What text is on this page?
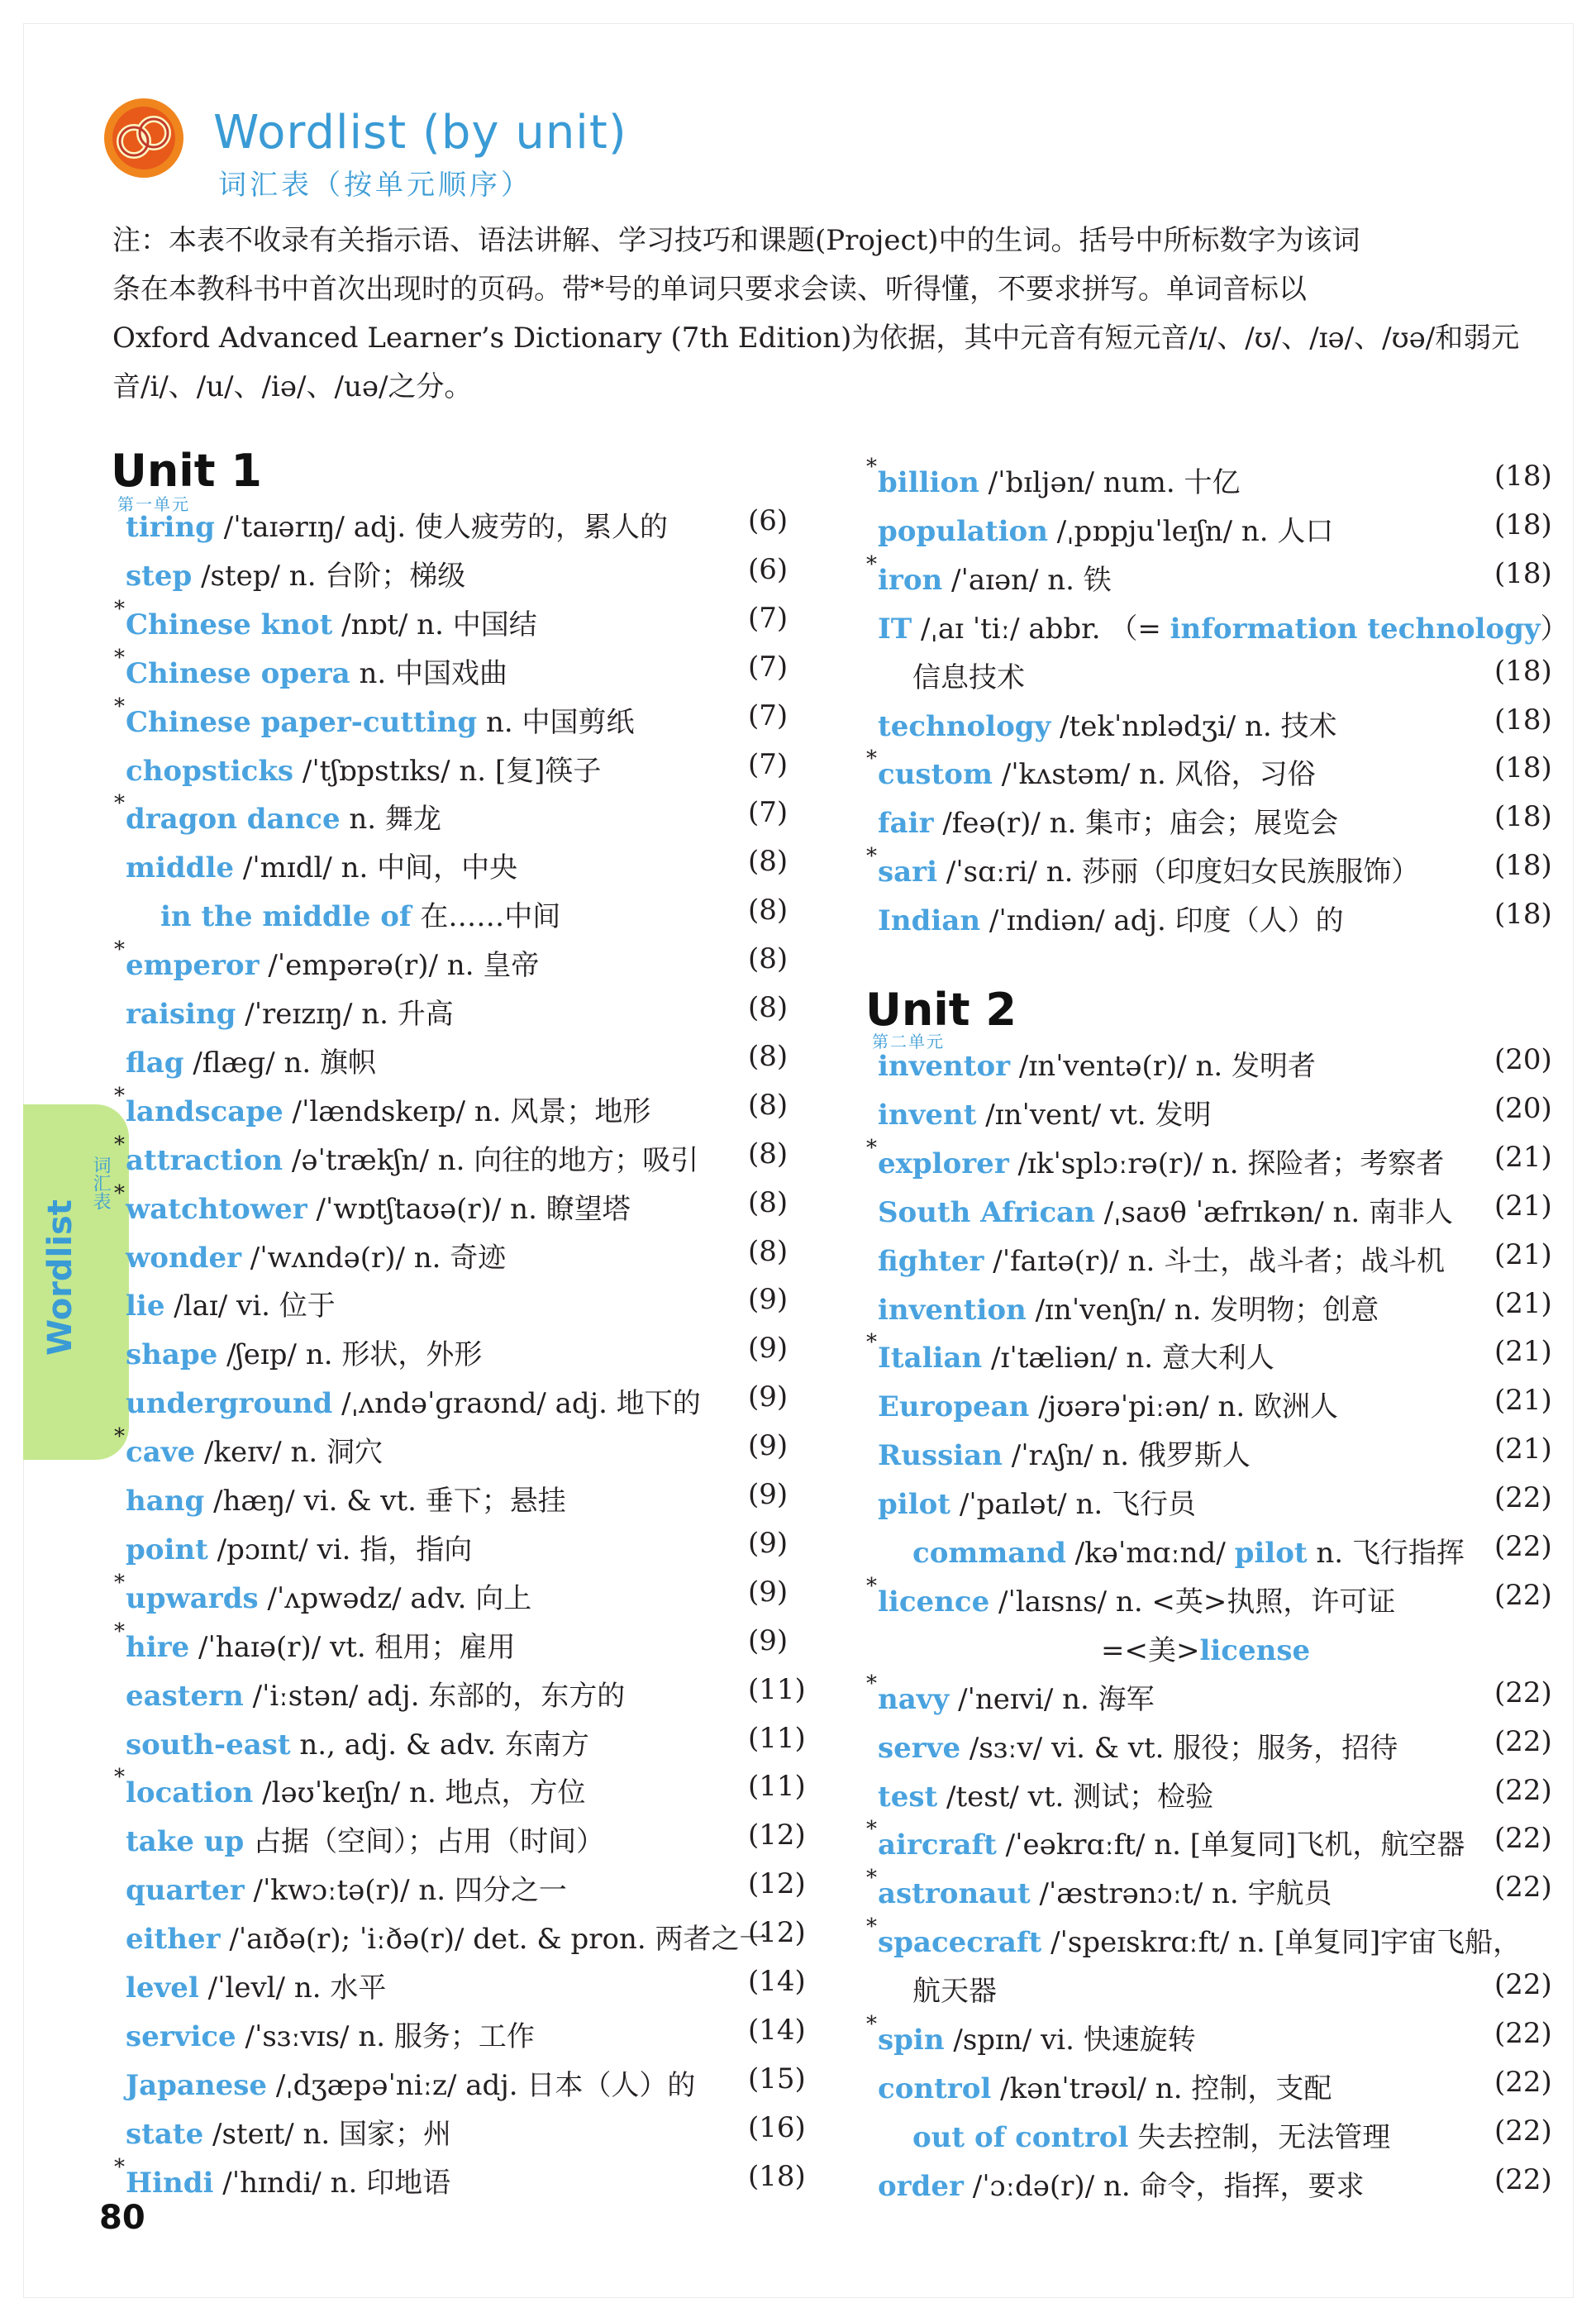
Wordlist (by unit)
词汇表（按单元顺序）
注：本表不收录有关指示语、语法讲解、学习技巧和课题(Project)中的生词。括号中所标数字为该词
条在本教科书中首次出现时的页码。带*号的单词只要求会读、听得懂，不要求拼写。单词音标以
Oxford Advanced Learner’s Dictionary (7th Edition)为依据，其中元音有短元音/ɪ/、/ʊ/、/ɪə/、/ʊə/和弱元
音/i/、/u/、/iə/、/uə/之分。
Wordlist
词汇表
Unit 1
第一单元
tiring /ˈtaɪərɪŋ/ adj. 使人疲劳的，累人的	(6)
step /step/ n. 台阶；梯级	(6)
* Chinese knot /nɒt/ n. 中国结	(7)
* Chinese opera n. 中国戏曲	(7)
* Chinese paper-cutting n. 中国剪纸	(7)
chopsticks /ˈtʃɒpstɪks/ n. [复]筷子	(7)
* dragon dance n. 舞龙	(7)
middle /ˈmɪdl/ n. 中间，中央	(8)
in the middle of 在……中间	(8)
* emperor /ˈempərə(r)/ n. 皇帝	(8)
raising /ˈreɪzɪŋ/ n. 升高	(8)
flag /flæɡ/ n. 旗帜	(8)
* landscape /ˈlændskeɪp/ n. 风景；地形	(8)
* attraction /əˈtrækʃn/ n. 向往的地方；吸引 (8)
* watchtower /ˈwɒtʃtaʊə(r)/ n. 瞭望塔	(8)
wonder /ˈwʌndə(r)/ n. 奇迹	(8)
lie /laɪ/ vi. 位于	(9)
shape /ʃeɪp/ n. 形状，外形	(9)
underground /ˌʌndəˈɡraʊnd/ adj. 地下的 (9)
* cave /keɪv/ n. 洞穴	(9)
hang /hæŋ/ vi. & vt. 垂下；悬挂	(9)
point /pɔɪnt/ vi. 指，指向	(9)
* upwards /ˈʌpwədz/ adv. 向上	(9)
* hire /ˈhaɪə(r)/ vt. 租用；雇用	(9)
eastern /ˈiːstən/ adj. 东部的，东方的	(11)
south-east n., adj. & adv. 东南方	(11)
* location /ləʊˈkeɪʃn/ n. 地点，方位	(11)
take up 占据（空间）；占用（时间）	(12)
quarter /ˈkwɔːtə(r)/ n. 四分之一	(12)
either /ˈaɪðə(r); ˈiːðə(r)/ det. & pron. 两者之一
(12)
level /ˈlevl/ n. 水平	(14)
service /ˈsɜːvɪs/ n. 服务；工作	(14)
Japanese /ˌdʒæpəˈniːz/ adj. 日本（人）的 (15)
state /steɪt/ n. 国家；州	(16)
* Hindi /ˈhɪndi/ n. 印地语	(18)
* billion /ˈbɪljən/ num. 十亿	(18)
population /ˌpɒpjuˈleɪʃn/ n. 人口	(18)
* iron /ˈaɪən/ n. 铁	(18)
IT /ˌaɪ ˈtiː/ abbr. （= information technology）
信息技术	(18)
technology /tekˈnɒlədʒi/ n. 技术	(18)
* custom /ˈkʌstəm/ n. 风俗，习俗	(18)
fair /feə(r)/ n. 集市；庙会；展览会	(18)
* sari /ˈsɑːri/ n. 莎丽（印度妇女民族服饰）	(18)
Indian /ˈɪndiən/ adj. 印度（人）的	(18)
Unit 2
第二单元
inventor /ɪnˈventə(r)/ n. 发明者	(20)
invent /ɪnˈvent/ vt. 发明	(20)
* explorer /ɪkˈsplɔːrə(r)/ n. 探险者；考察者 (21)
South African /ˌsaʊθ ˈæfrɪkən/ n. 南非人 (21)
fighter /ˈfaɪtə(r)/ n. 斗士，战斗者；战斗机 (21)
invention /ɪnˈvenʃn/ n. 发明物；创意	(21)
* Italian /ɪˈtæliən/ n. 意大利人	(21)
European /jʊərəˈpiːən/ n. 欧洲人	(21)
Russian /ˈrʌʃn/ n. 俄罗斯人	(21)
pilot /ˈpaɪlət/ n. 飞行员	(22)
command /kəˈmɑːnd/ pilot n. 飞行指挥 (22)
* licence /ˈlaɪsns/ n. <英>执照，许可证	(22)
=<美>license
* navy /ˈneɪvi/ n. 海军	(22)
serve /sɜːv/ vi. & vt. 服役；服务，招待	(22)
test /test/ vt. 测试；检验	(22)
* aircraft /ˈeəkrɑːft/ n. [单复同]飞机，航空器 (22)
* astronaut /ˈæstrənɔːt/ n. 宇航员	(22)
* spacecraft /ˈspeɪskrɑːft/ n. [单复同]宇宙飞船，
航天器	(22)
* spin /spɪn/ vi. 快速旋转	(22)
control /kənˈtrəʊl/ n. 控制，支配	(22)
out of control 失去控制，无法管理	(22)
order /ˈɔːdə(r)/ n. 命令，指挥，要求	(22)
80
